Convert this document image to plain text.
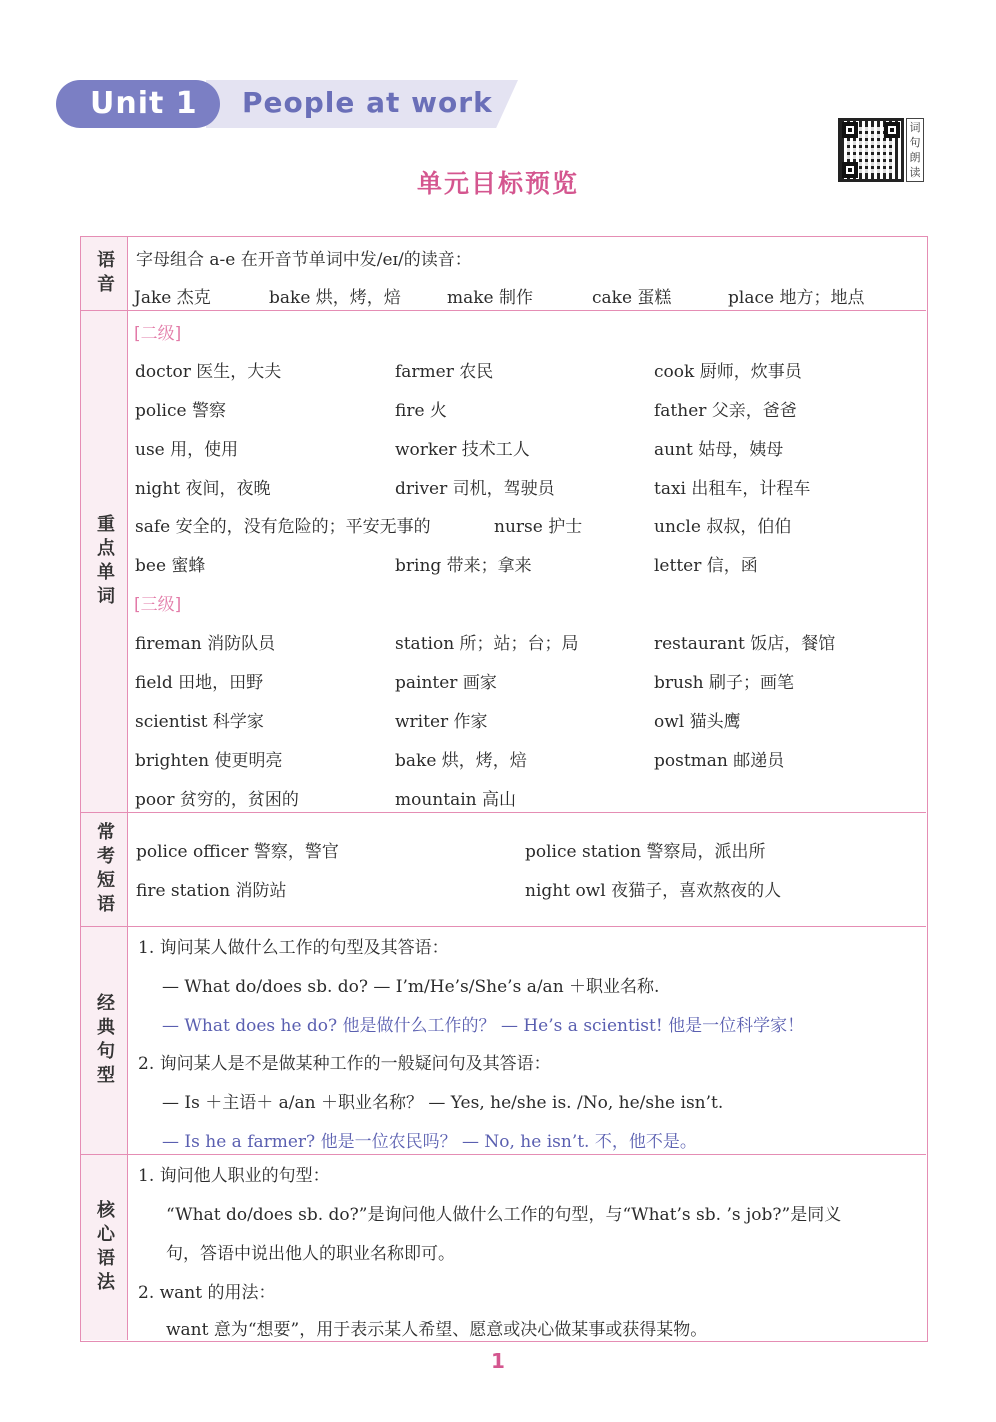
Unit 1 People at work
词句朗读
单元目标预览
语音 字母组合 a-e 在开音节单词中发/eɪ/的读音：
Jake 杰克	bake 烘，烤，焙	make 制作	cake 蛋糕	place 地方；地点
重点单词
[二级]
doctor 医生，大夫	farmer 农民	cook 厨师，炊事员
police 警察	fire 火	father 父亲，爸爸
use 用，使用	worker 技术工人	aunt 姑母，姨母
night 夜间，夜晚	driver 司机，驾驶员	taxi 出租车，计程车
safe 安全的，没有危险的；平安无事的	nurse 护士	uncle 叔叔，伯伯
bee 蜜蜂	bring 带来；拿来	letter 信，函
[三级]
fireman 消防队员	station 所；站；台；局	restaurant 饭店，餐馆
field 田地，田野	painter 画家	brush 刷子；画笔
scientist 科学家	writer 作家	owl 猫头鹰
brighten 使更明亮	bake 烘，烤，焙	postman 邮递员
poor 贫穷的，贫困的	mountain 高山
常考短语 police officer 警察，警官	police station 警察局，派出所
fire station 消防站	night owl 夜猫子，喜欢熬夜的人
经典句型
1. 询问某人做什么工作的句型及其答语：
— What do/does sb. do? — I’m/He’s/She’s a/an ＋职业名称.
— What does he do? 他是做什么工作的？ — He’s a scientist! 他是一位科学家！
2. 询问某人是不是做某种工作的一般疑问句及其答语：
— Is ＋主语＋ a/an ＋职业名称？ — Yes, he/she is. /No, he/she isn’t.
— Is he a farmer? 他是一位农民吗？ — No, he isn’t. 不，他不是。
核心语法
1. 询问他人职业的句型：
“What do/does sb. do?”是询问他人做什么工作的句型，与“What’s sb. ’s job?”是同义
句，答语中说出他人的职业名称即可。
2. want 的用法：
want 意为“想要”，用于表示某人希望、愿意或决心做某事或获得某物。
1
